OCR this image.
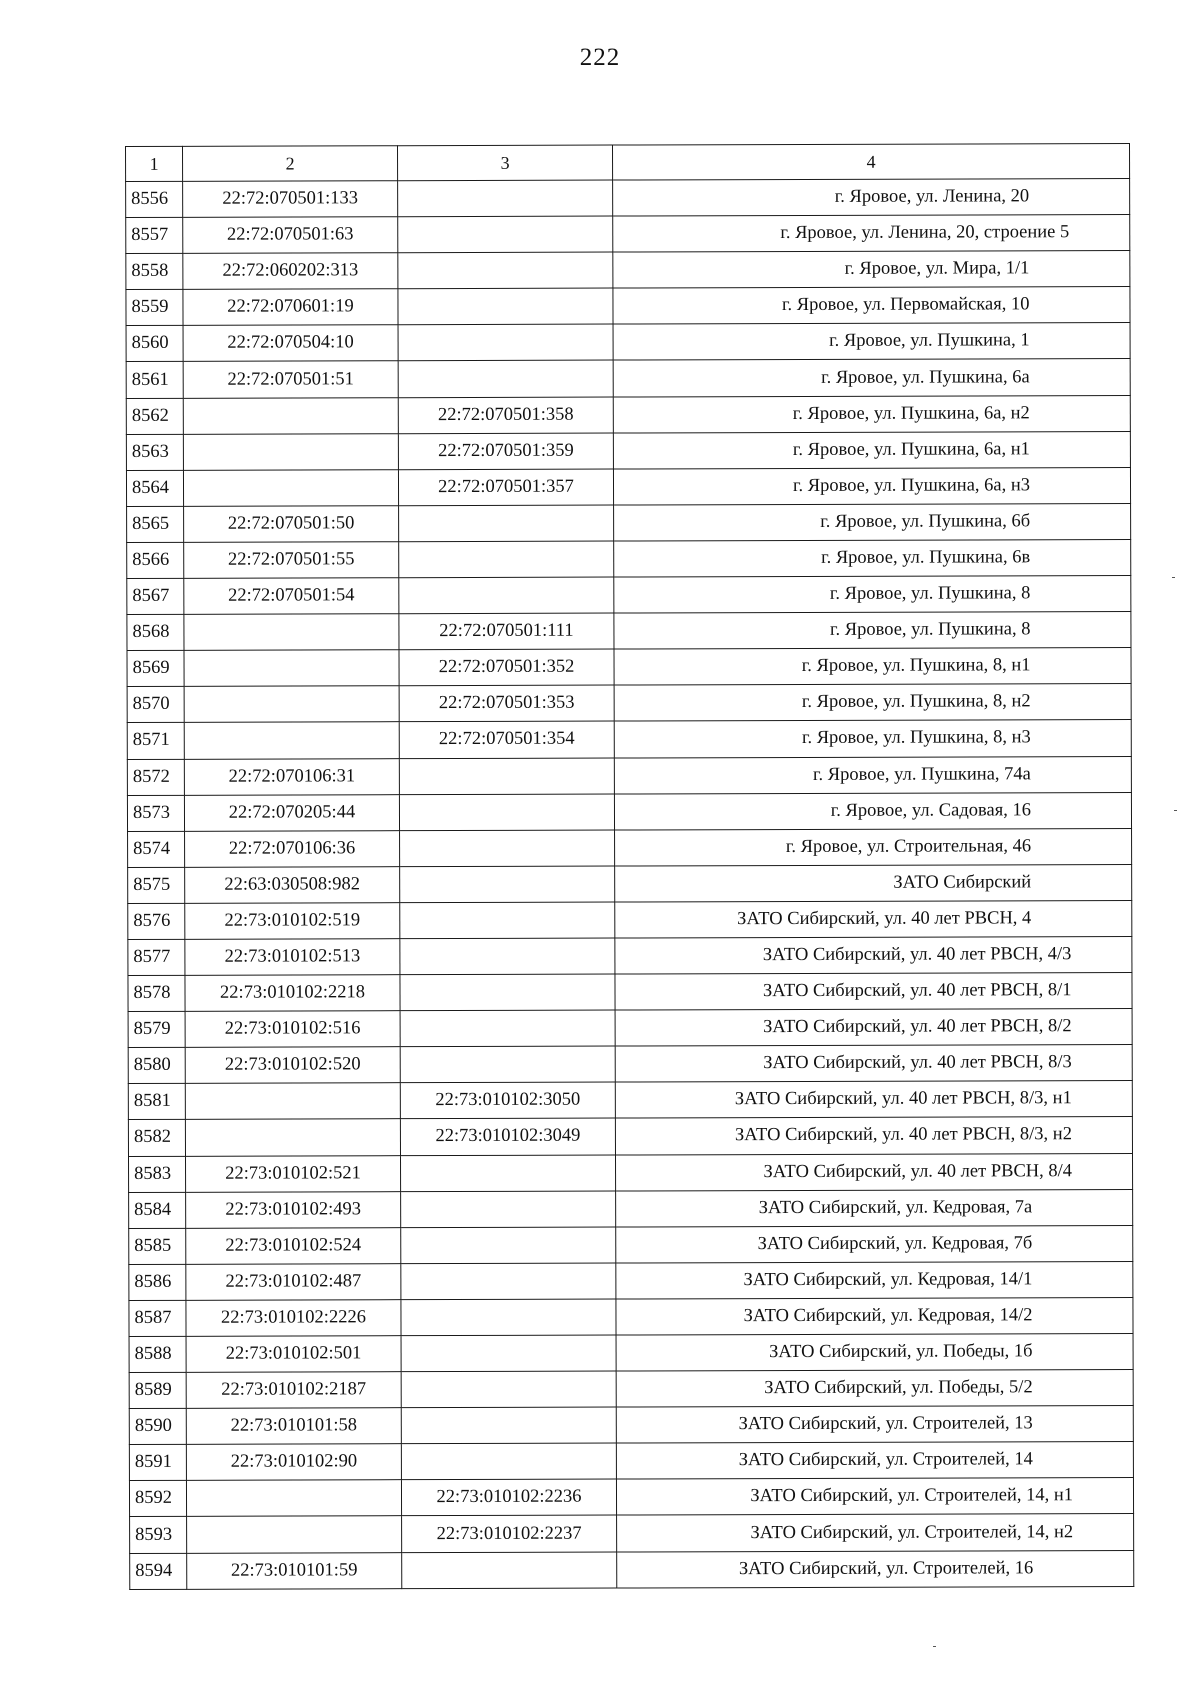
222
1	2	3	4
8556	22:72:070501:133		г. Яровое, ул. Ленина, 20
8557	22:72:070501:63		г. Яровое, ул. Ленина, 20, строение 5
8558	22:72:060202:313		г. Яровое, ул. Мира, 1/1
8559	22:72:070601:19		г. Яровое, ул. Первомайская, 10
8560	22:72:070504:10		г. Яровое, ул. Пушкина, 1
8561	22:72:070501:51		г. Яровое, ул. Пушкина, 6а
8562		22:72:070501:358	г. Яровое, ул. Пушкина, 6а, н2
8563		22:72:070501:359	г. Яровое, ул. Пушкина, 6а, н1
8564		22:72:070501:357	г. Яровое, ул. Пушкина, 6а, н3
8565	22:72:070501:50		г. Яровое, ул. Пушкина, 6б
8566	22:72:070501:55		г. Яровое, ул. Пушкина, 6в
8567	22:72:070501:54		г. Яровое, ул. Пушкина, 8
8568		22:72:070501:111	г. Яровое, ул. Пушкина, 8
8569		22:72:070501:352	г. Яровое, ул. Пушкина, 8, н1
8570		22:72:070501:353	г. Яровое, ул. Пушкина, 8, н2
8571		22:72:070501:354	г. Яровое, ул. Пушкина, 8, н3
8572	22:72:070106:31		г. Яровое, ул. Пушкина, 74а
8573	22:72:070205:44		г. Яровое, ул. Садовая, 16
8574	22:72:070106:36		г. Яровое, ул. Строительная, 46
8575	22:63:030508:982		ЗАТО Сибирский
8576	22:73:010102:519		ЗАТО Сибирский, ул. 40 лет РВСН, 4
8577	22:73:010102:513		ЗАТО Сибирский, ул. 40 лет РВСН, 4/3
8578	22:73:010102:2218		ЗАТО Сибирский, ул. 40 лет РВСН, 8/1
8579	22:73:010102:516		ЗАТО Сибирский, ул. 40 лет РВСН, 8/2
8580	22:73:010102:520		ЗАТО Сибирский, ул. 40 лет РВСН, 8/3
8581		22:73:010102:3050	ЗАТО Сибирский, ул. 40 лет РВСН, 8/3, н1
8582		22:73:010102:3049	ЗАТО Сибирский, ул. 40 лет РВСН, 8/3, н2
8583	22:73:010102:521		ЗАТО Сибирский, ул. 40 лет РВСН, 8/4
8584	22:73:010102:493		ЗАТО Сибирский, ул. Кедровая, 7а
8585	22:73:010102:524		ЗАТО Сибирский, ул. Кедровая, 7б
8586	22:73:010102:487		ЗАТО Сибирский, ул. Кедровая, 14/1
8587	22:73:010102:2226		ЗАТО Сибирский, ул. Кедровая, 14/2
8588	22:73:010102:501		ЗАТО Сибирский, ул. Победы, 1б
8589	22:73:010102:2187		ЗАТО Сибирский, ул. Победы, 5/2
8590	22:73:010101:58		ЗАТО Сибирский, ул. Строителей, 13
8591	22:73:010102:90		ЗАТО Сибирский, ул. Строителей, 14
8592		22:73:010102:2236	ЗАТО Сибирский, ул. Строителей, 14, н1
8593		22:73:010102:2237	ЗАТО Сибирский, ул. Строителей, 14, н2
8594	22:73:010101:59		ЗАТО Сибирский, ул. Строителей, 16
